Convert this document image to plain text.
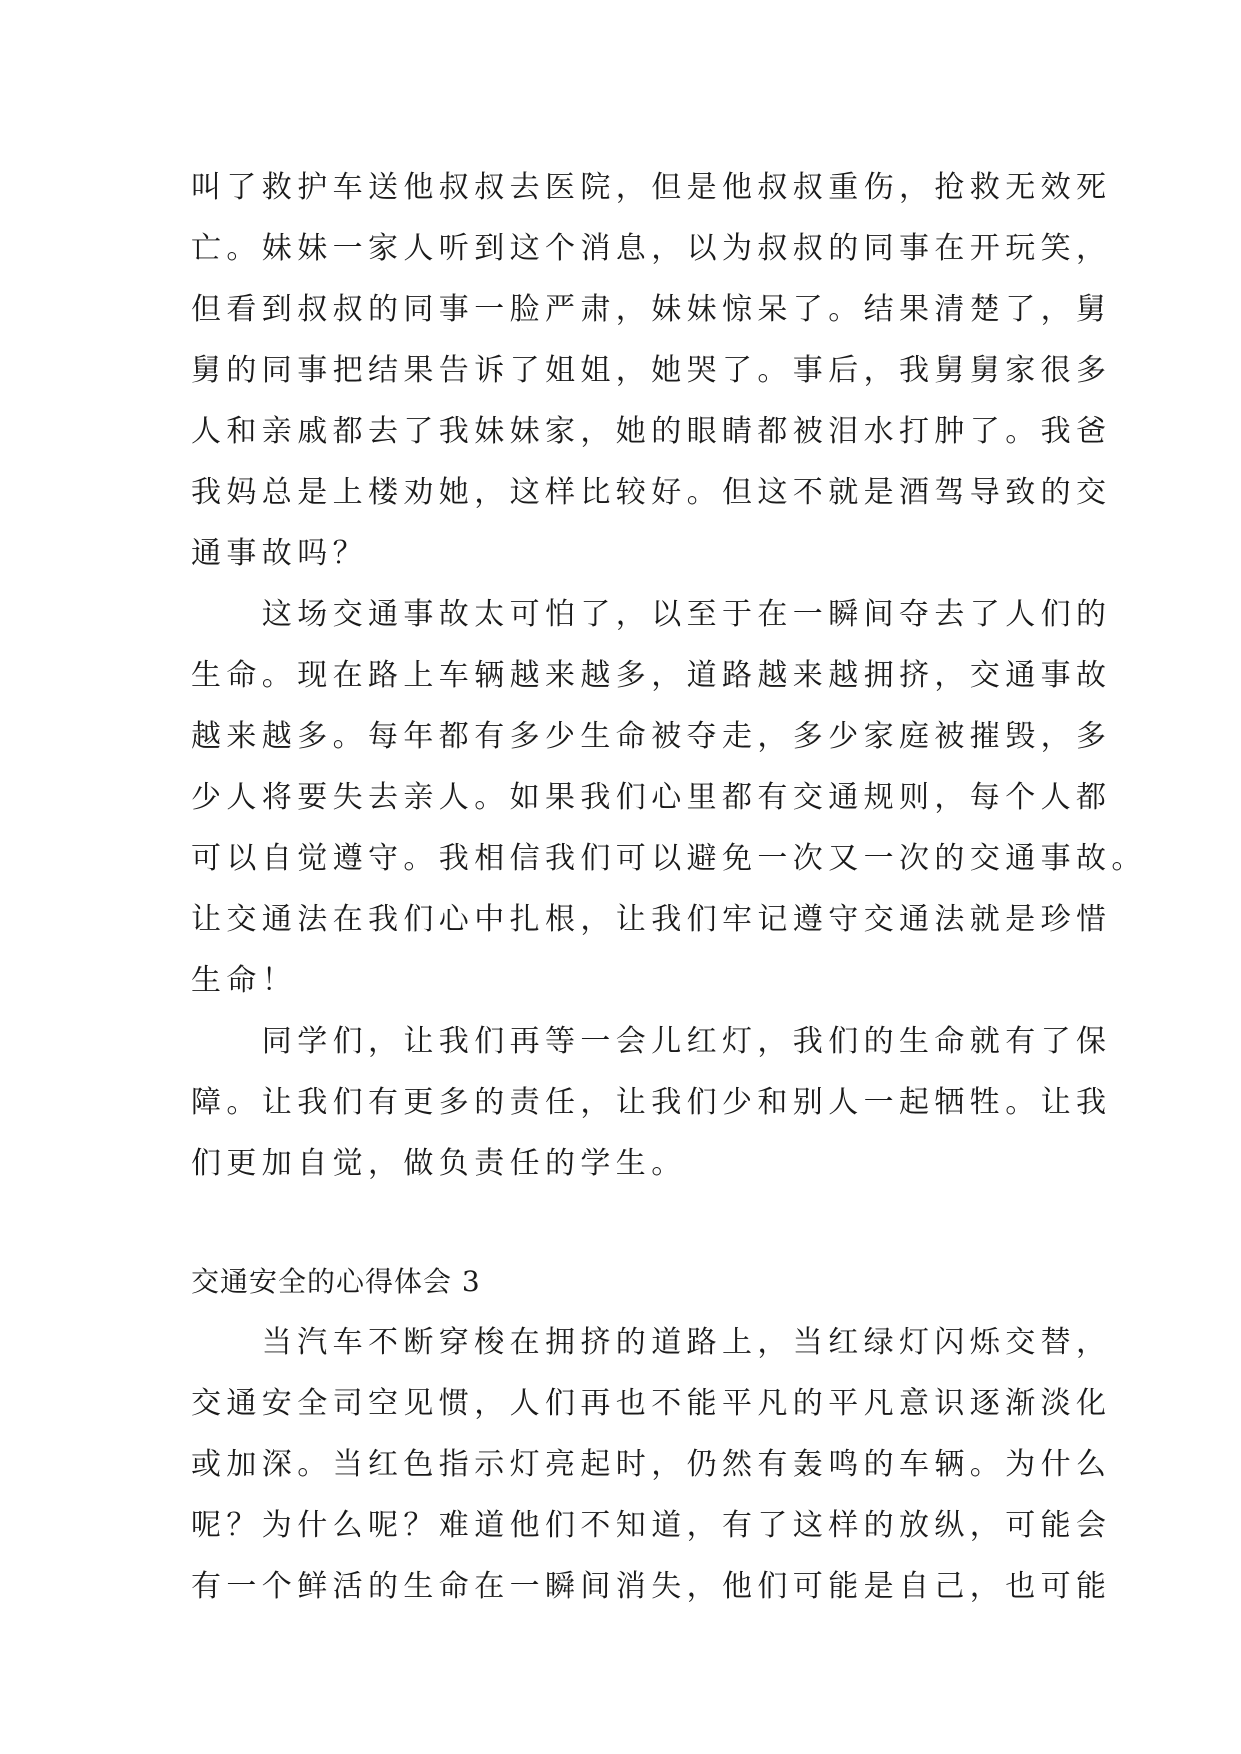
叫了救护车送他叔叔去医院，但是他叔叔重伤，抢救无效死
亡。妹妹一家人听到这个消息，以为叔叔的同事在开玩笑，
但看到叔叔的同事一脸严肃，妹妹惊呆了。结果清楚了，舅
舅的同事把结果告诉了姐姐，她哭了。事后，我舅舅家很多
人和亲戚都去了我妹妹家，她的眼睛都被泪水打肿了。我爸
我妈总是上楼劝她，这样比较好。但这不就是酒驾导致的交
通事故吗？
　　这场交通事故太可怕了，以至于在一瞬间夺去了人们的
生命。现在路上车辆越来越多，道路越来越拥挤，交通事故
越来越多。每年都有多少生命被夺走，多少家庭被摧毁，多
少人将要失去亲人。如果我们心里都有交通规则，每个人都
可以自觉遵守。我相信我们可以避免一次又一次的交通事故。
让交通法在我们心中扎根，让我们牢记遵守交通法就是珍惜
生命！
　　同学们，让我们再等一会儿红灯，我们的生命就有了保
障。让我们有更多的责任，让我们少和别人一起牺牲。让我
们更加自觉，做负责任的学生。
交通安全的心得体会 3
　　当汽车不断穿梭在拥挤的道路上，当红绿灯闪烁交替，
交通安全司空见惯，人们再也不能平凡的平凡意识逐渐淡化
或加深。当红色指示灯亮起时，仍然有轰鸣的车辆。为什么
呢？为什么呢？难道他们不知道，有了这样的放纵，可能会
有一个鲜活的生命在一瞬间消失，他们可能是自己，也可能
